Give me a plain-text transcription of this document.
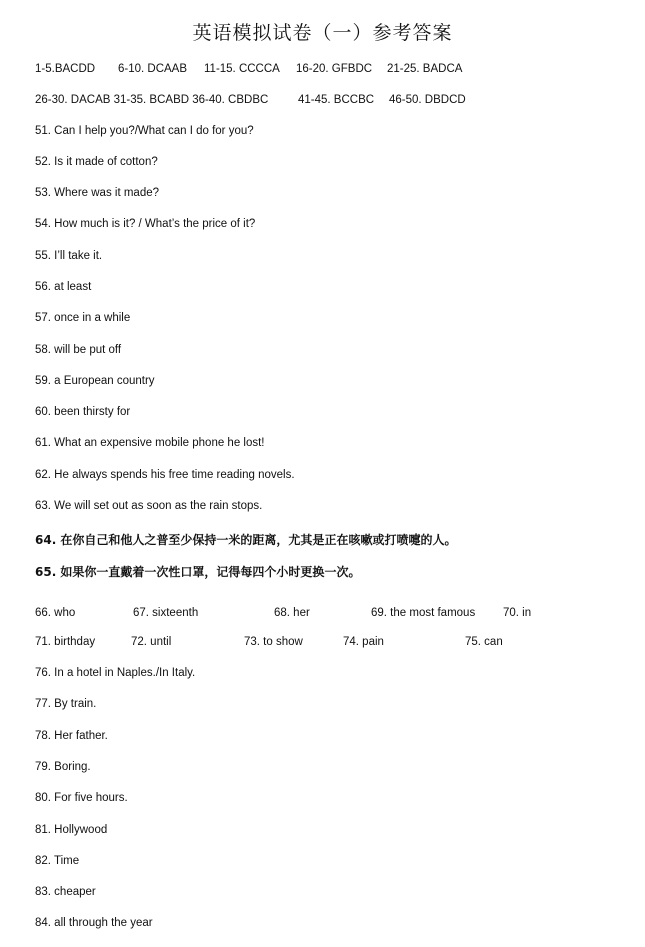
英语模拟试卷（一）参考答案
1-5.BACDD 6-10. DCAAB 11-15. CCCCA 16-20. GFBDC 21-25. BADCA
26-30. DACAB 31-35. BCABD 36-40. CBDBC	41-45. BCCBC 46-50. DBDCD
51. Can I help you?/What can I do for you?
52. Is it made of cotton?
53. Where was it made?
54. How much is it? / What’s the price of it?
55. I’ll take it.
56. at least
57. once in a while
58. will be put off
59. a European country
60. been thirsty for
61. What an expensive mobile phone he lost!
62. He always spends his free time reading novels.
63. We will set out as soon as the rain stops.
64. 在你自己和他人之普至少保持一米的距离，尤其是正在咳嗽或打喷嚏的人。
65. 如果你一直戴着一次性口罩，记得每四个小时更换一次。
66. who	67. sixteenth	68. her	69. the most famous 70. in
71. birthday	72. until	73. to show	74. pain	75. can
76. In a hotel in Naples./In Italy.
77. By train.
78. Her father.
79. Boring.
80. For five hours.
81. Hollywood
82. Time
83. cheaper
84. all through the year
